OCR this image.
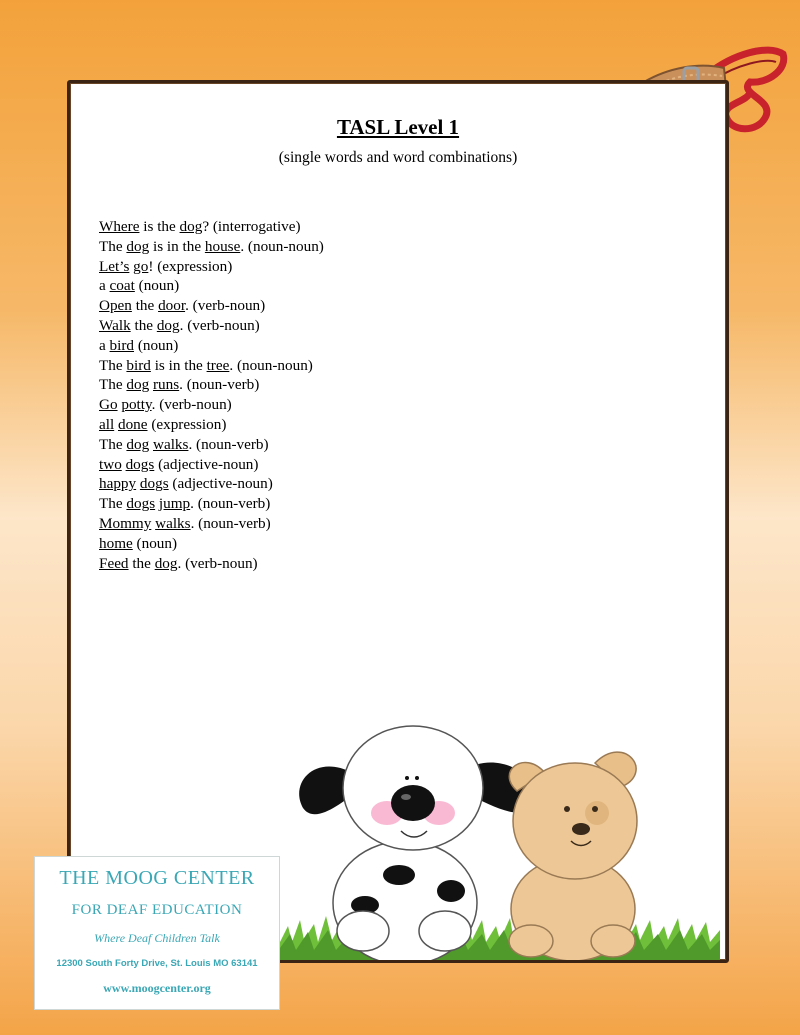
TASL Level 1
(single words and word combinations)
Where is the dog? (interrogative)
The dog is in the house. (noun-noun)
Let’s go! (expression)
a coat (noun)
Open the door. (verb-noun)
Walk the dog. (verb-noun)
a bird (noun)
The bird is in the tree. (noun-noun)
The dog runs. (noun-verb)
Go potty. (verb-noun)
all done (expression)
The dog walks. (noun-verb)
two dogs (adjective-noun)
happy dogs (adjective-noun)
The dogs jump. (noun-verb)
Mommy walks. (noun-verb)
home (noun)
Feed the dog. (verb-noun)
THE MOOG CENTER
FOR DEAF EDUCATION
Where Deaf Children Talk
12300 South Forty Drive, St. Louis MO 63141
www.moogcenter.org
